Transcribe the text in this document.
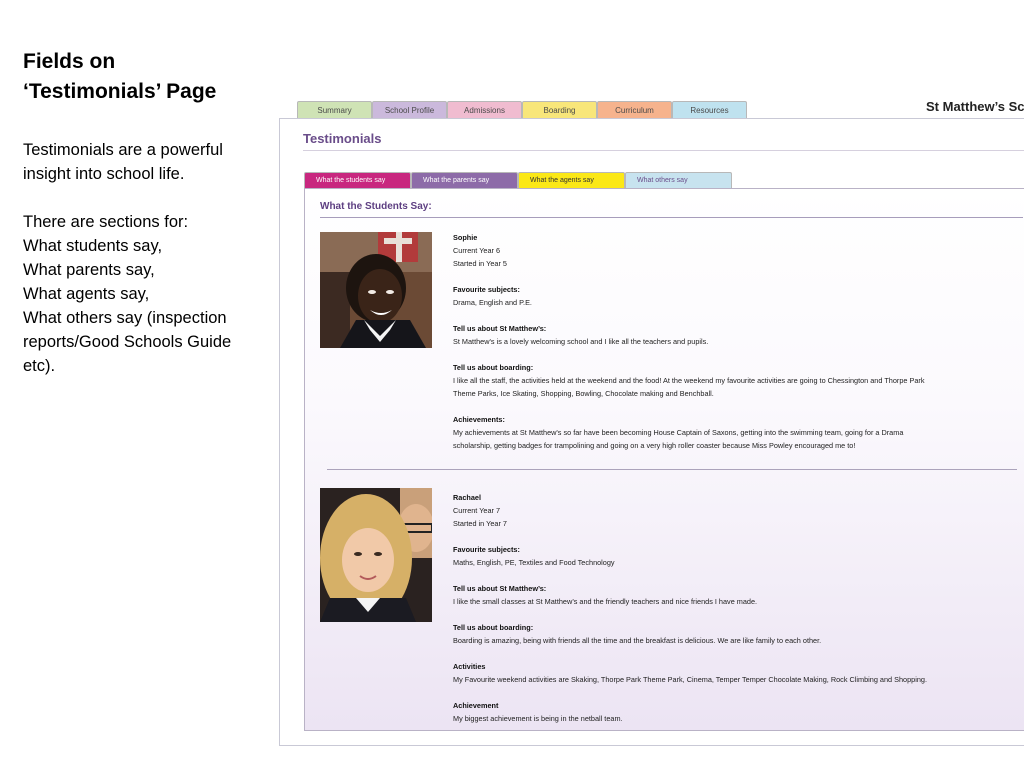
Fields on
‘Testimonials’ Page

Testimonials are a powerful
insight into school life.

There are sections for:
What students say,
What parents say,
What agents say,
What others say (inspection
reports/Good Schools Guide
etc).

Summary	School Profile	Admissions	Boarding	Curriculum	Resources	St Matthew’s Sc
Testimonials
What the students say	What the parents say	What the agents say	What others say
What the Students Say:
Sophie
Current Year 6
Started in Year 5
Favourite subjects:
Drama, English and P.E.
Tell us about St Matthew’s:
St Matthew's is a lovely welcoming school and I like all the teachers and pupils.
Tell us about boarding:
I like all the staff, the activities held at the weekend and the food! At the weekend my favourite activities are going to Chessington and Thorpe Park
Theme Parks, Ice Skating, Shopping, Bowling, Chocolate making and Benchball.
Achievements:
My achievements at St Matthew's so far have been becoming House Captain of Saxons, getting into the swimming team, going for a Drama
scholarship, getting badges for trampolining and going on a very high roller coaster because Miss Powley encouraged me to!
Rachael
Current Year 7
Started in Year 7
Favourite subjects:
Maths, English, PE, Textiles and Food Technology
Tell us about St Matthew’s:
I like the small classes at St Matthew’s and the friendly teachers and nice friends I have made.
Tell us about boarding:
Boarding is amazing, being with friends all the time and the breakfast is delicious. We are like family to each other.
Activities
My Favourite weekend activities are Skaking, Thorpe Park Theme Park, Cinema, Temper Temper Chocolate Making, Rock Climbing and Shopping.
Achievement
My biggest achievement is being in the netball team.
